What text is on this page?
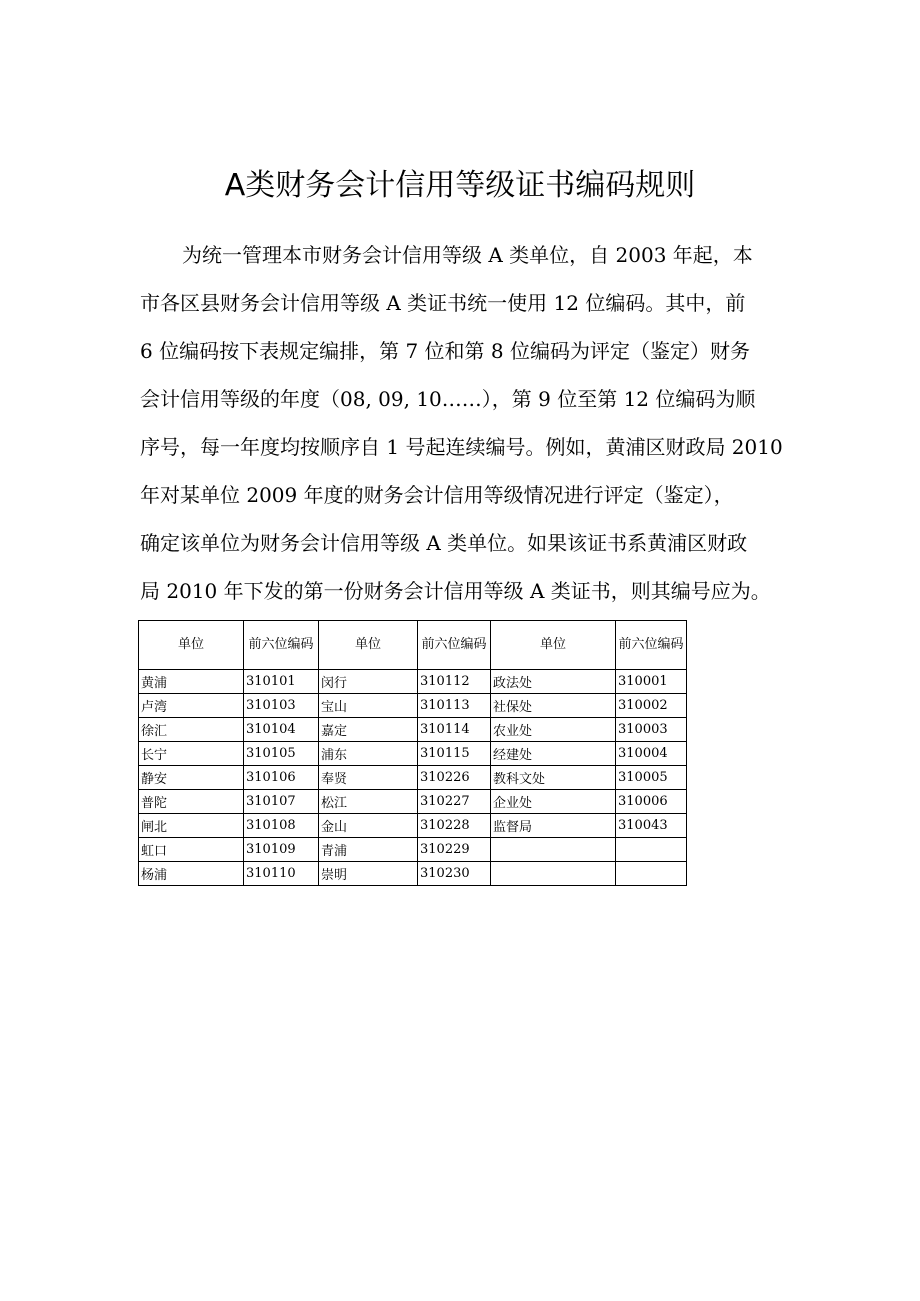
A类财务会计信用等级证书编码规则
为统一管理本市财务会计信用等级 A 类单位，自 2003 年起，本
市各区县财务会计信用等级 A 类证书统一使用 12 位编码。其中，前
6 位编码按下表规定编排，第 7 位和第 8 位编码为评定（鉴定）财务
会计信用等级的年度（08, 09, 10……），第 9 位至第 12 位编码为顺
序号，每一年度均按顺序自 1 号起连续编号。例如，黄浦区财政局 2010
年对某单位 2009 年度的财务会计信用等级情况进行评定（鉴定），
确定该单位为财务会计信用等级 A 类单位。如果该证书系黄浦区财政
局 2010 年下发的第一份财务会计信用等级 A 类证书，则其编号应为。
单位	前六位编码	单位	前六位编码	单位	前六位编码
黄浦	310101	闵行	310112	政法处	310001
卢湾	310103	宝山	310113	社保处	310002
徐汇	310104	嘉定	310114	农业处	310003
长宁	310105	浦东	310115	经建处	310004
静安	310106	奉贤	310226	教科文处	310005
普陀	310107	松江	310227	企业处	310006
闸北	310108	金山	310228	监督局	310043
虹口	310109	青浦	310229		
杨浦	310110	崇明	310230		
